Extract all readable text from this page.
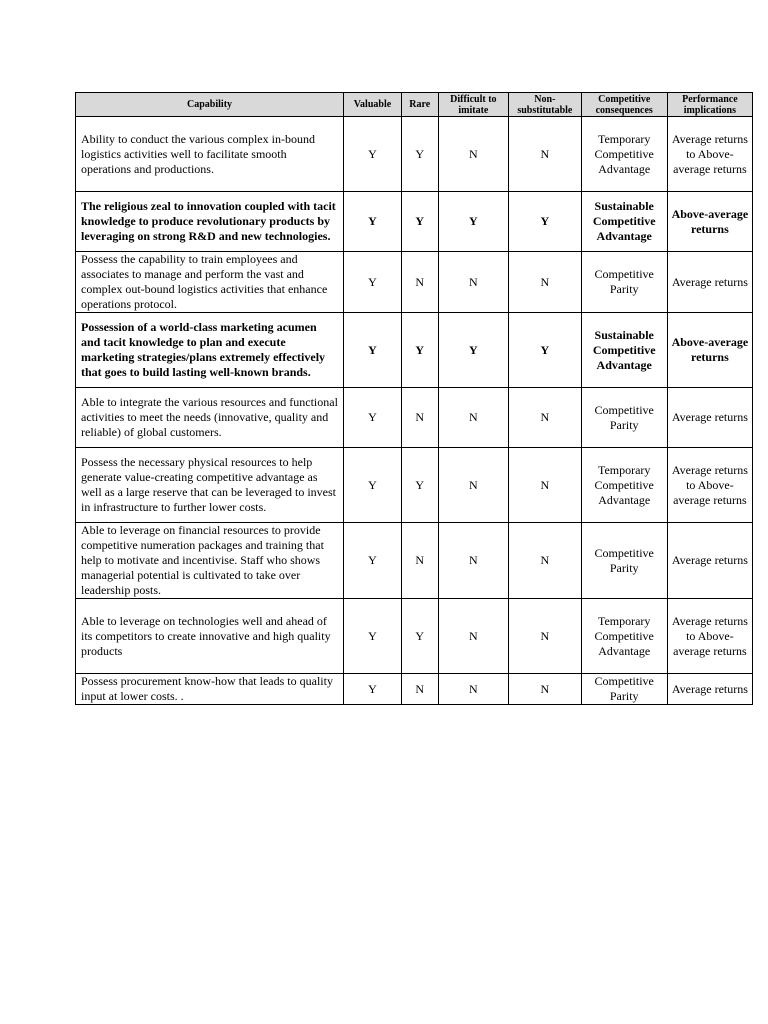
Capability	Valuable	Rare	Difficult to imitate	Non-substitutable	Competitive consequences	Performance implications
Ability to conduct the various complex in-bound logistics activities well to facilitate smooth operations and productions.	Y	Y	N	N	Temporary Competitive Advantage	Average returns to Above-average returns
The religious zeal to innovation coupled with tacit knowledge to produce revolutionary products by leveraging on strong R&D and new technologies.	Y	Y	Y	Y	Sustainable Competitive Advantage	Above-average returns
Possess the capability to train employees and associates to manage and perform the vast and complex out-bound logistics activities that enhance operations protocol.	Y	N	N	N	Competitive Parity	Average returns
Possession of a world-class marketing acumen and tacit knowledge to plan and execute marketing strategies/plans extremely effectively that goes to build lasting well-known brands.	Y	Y	Y	Y	Sustainable Competitive Advantage	Above-average returns
Able to integrate the various resources and functional activities to meet the needs (innovative, quality and reliable) of global customers.	Y	N	N	N	Competitive Parity	Average returns
Possess the necessary physical resources to help generate value-creating competitive advantage as well as a large reserve that can be leveraged to invest in infrastructure to further lower costs.	Y	Y	N	N	Temporary Competitive Advantage	Average returns to Above-average returns
Able to leverage on financial resources to provide competitive numeration packages and training that help to motivate and incentivise. Staff who shows managerial potential is cultivated to take over leadership posts.	Y	N	N	N	Competitive Parity	Average returns
Able to leverage on technologies well and ahead of its competitors to create innovative and high quality products	Y	Y	N	N	Temporary Competitive Advantage	Average returns to Above-average returns
Possess procurement know-how that leads to quality input at lower costs. .	Y	N	N	N	Competitive Parity	Average returns
